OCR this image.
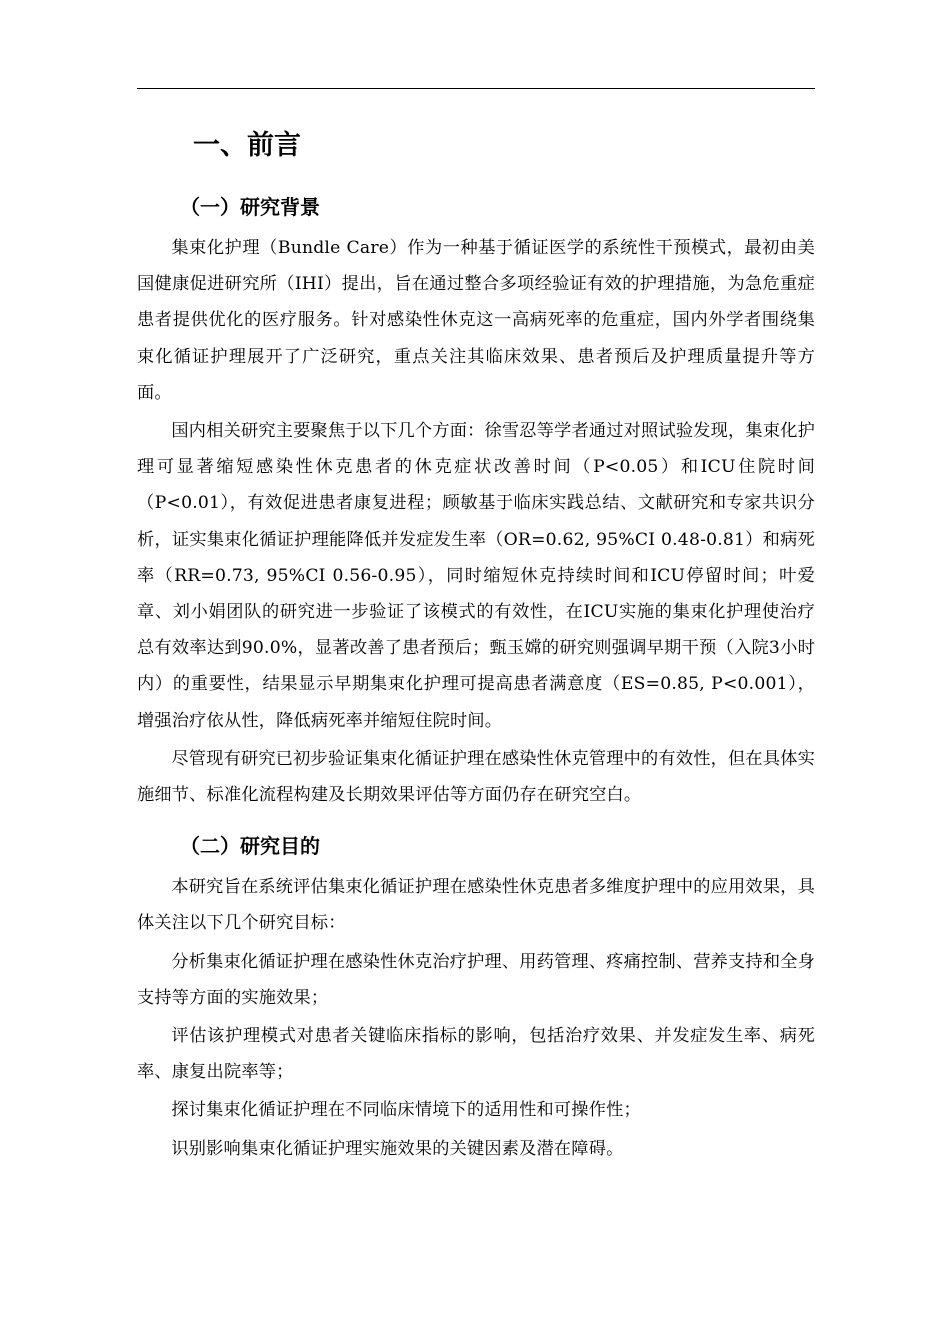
一、前言
（一）研究背景

集束化护理（Bundle Care）作为一种基于循证医学的系统性干预模式，最初由美国健康促进研究所（IHI）提出，旨在通过整合多项经验证有效的护理措施，为急危重症患者提供优化的医疗服务。针对感染性休克这一高病死率的危重症，国内外学者围绕集束化循证护理展开了广泛研究，重点关注其临床效果、患者预后及护理质量提升等方面。

国内相关研究主要聚焦于以下几个方面：徐雪忍等学者通过对照试验发现，集束化护理可显著缩短感染性休克患者的休克症状改善时间（P<0.05）和ICU住院时间（P<0.01），有效促进患者康复进程；顾敏基于临床实践总结、文献研究和专家共识分析，证实集束化循证护理能降低并发症发生率（OR=0.62, 95%CI 0.48-0.81）和病死率（RR=0.73, 95%CI 0.56-0.95），同时缩短休克持续时间和ICU停留时间；叶爱章、刘小娟团队的研究进一步验证了该模式的有效性，在ICU实施的集束化护理使治疗总有效率达到90.0%，显著改善了患者预后；甄玉嫦的研究则强调早期干预（入院3小时内）的重要性，结果显示早期集束化护理可提高患者满意度（ES=0.85, P<0.001），增强治疗依从性，降低病死率并缩短住院时间。

尽管现有研究已初步验证集束化循证护理在感染性休克管理中的有效性，但在具体实施细节、标准化流程构建及长期效果评估等方面仍存在研究空白。

（二）研究目的

本研究旨在系统评估集束化循证护理在感染性休克患者多维度护理中的应用效果，具体关注以下几个研究目标：

分析集束化循证护理在感染性休克治疗护理、用药管理、疼痛控制、营养支持和全身支持等方面的实施效果；

评估该护理模式对患者关键临床指标的影响，包括治疗效果、并发症发生率、病死率、康复出院率等；

探讨集束化循证护理在不同临床情境下的适用性和可操作性；

识别影响集束化循证护理实施效果的关键因素及潜在障碍。
